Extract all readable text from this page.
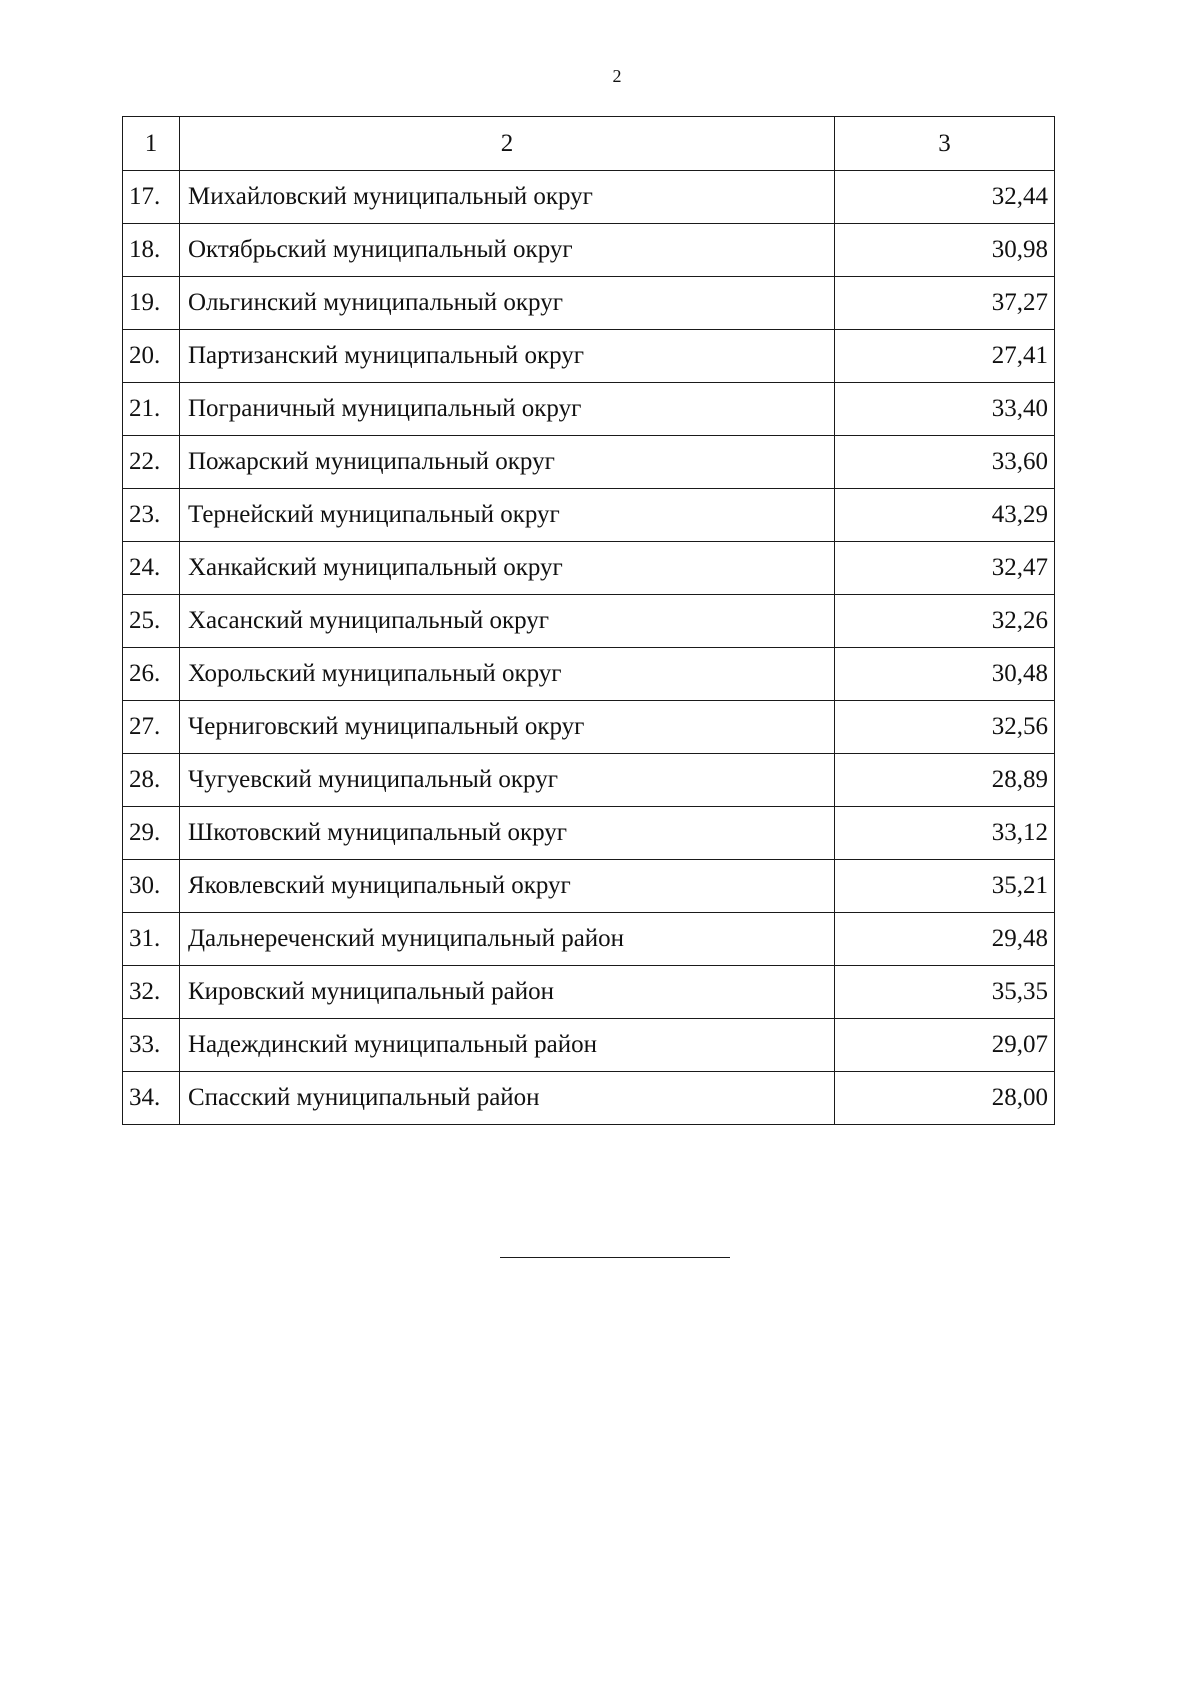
2
1	2	3
17.	Михайловский муниципальный округ	32,44
18.	Октябрьский муниципальный округ	30,98
19.	Ольгинский муниципальный округ	37,27
20.	Партизанский муниципальный округ	27,41
21.	Пограничный муниципальный округ	33,40
22.	Пожарский муниципальный округ	33,60
23.	Тернейский муниципальный округ	43,29
24.	Ханкайский муниципальный округ	32,47
25.	Хасанский муниципальный округ	32,26
26.	Хорольский муниципальный округ	30,48
27.	Черниговский муниципальный округ	32,56
28.	Чугуевский муниципальный округ	28,89
29.	Шкотовский муниципальный округ	33,12
30.	Яковлевский муниципальный округ	35,21
31.	Дальнереченский муниципальный район	29,48
32.	Кировский муниципальный район	35,35
33.	Надеждинский муниципальный район	29,07
34.	Спасский муниципальный район	28,00
